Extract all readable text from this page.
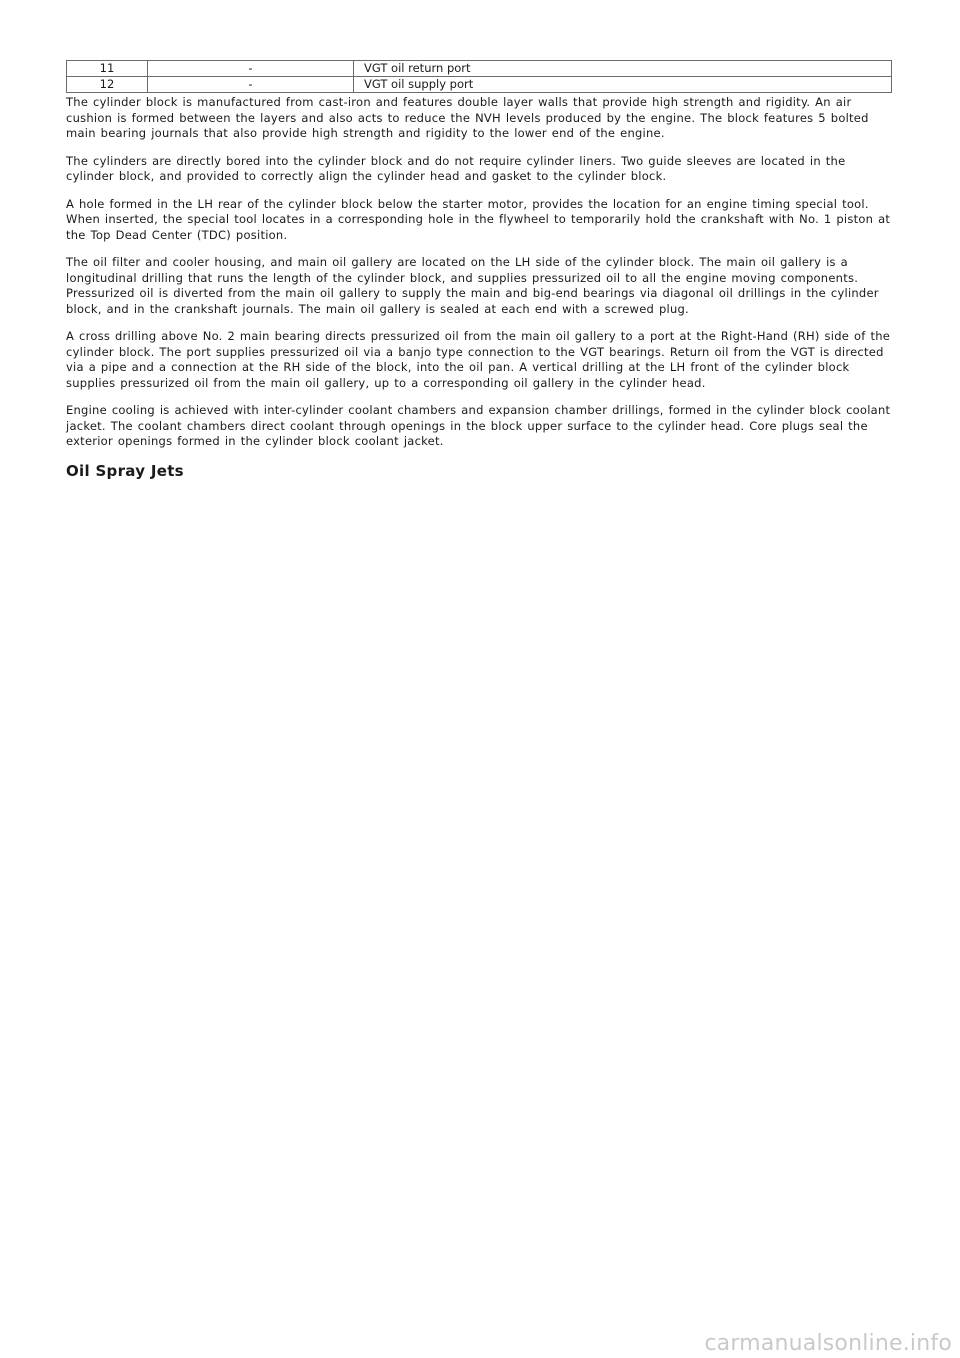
11	-	VGT oil return port
12	-	VGT oil supply port

The cylinder block is manufactured from cast-iron and features double layer walls that provide high strength and rigidity. An air cushion is formed between the layers and also acts to reduce the NVH levels produced by the engine. The block features 5 bolted main bearing journals that also provide high strength and rigidity to the lower end of the engine.

The cylinders are directly bored into the cylinder block and do not require cylinder liners. Two guide sleeves are located in the cylinder block, and provided to correctly align the cylinder head and gasket to the cylinder block.

A hole formed in the LH rear of the cylinder block below the starter motor, provides the location for an engine timing special tool. When inserted, the special tool locates in a corresponding hole in the flywheel to temporarily hold the crankshaft with No. 1 piston at the Top Dead Center (TDC) position.

The oil filter and cooler housing, and main oil gallery are located on the LH side of the cylinder block. The main oil gallery is a longitudinal drilling that runs the length of the cylinder block, and supplies pressurized oil to all the engine moving components. Pressurized oil is diverted from the main oil gallery to supply the main and big-end bearings via diagonal oil drillings in the cylinder block, and in the crankshaft journals. The main oil gallery is sealed at each end with a screwed plug.

A cross drilling above No. 2 main bearing directs pressurized oil from the main oil gallery to a port at the Right-Hand (RH) side of the cylinder block. The port supplies pressurized oil via a banjo type connection to the VGT bearings. Return oil from the VGT is directed via a pipe and a connection at the RH side of the block, into the oil pan. A vertical drilling at the LH front of the cylinder block supplies pressurized oil from the main oil gallery, up to a corresponding oil gallery in the cylinder head.

Engine cooling is achieved with inter-cylinder coolant chambers and expansion chamber drillings, formed in the cylinder block coolant jacket. The coolant chambers direct coolant through openings in the block upper surface to the cylinder head. Core plugs seal the exterior openings formed in the cylinder block coolant jacket.

Oil Spray Jets
carmanualsonline.info
